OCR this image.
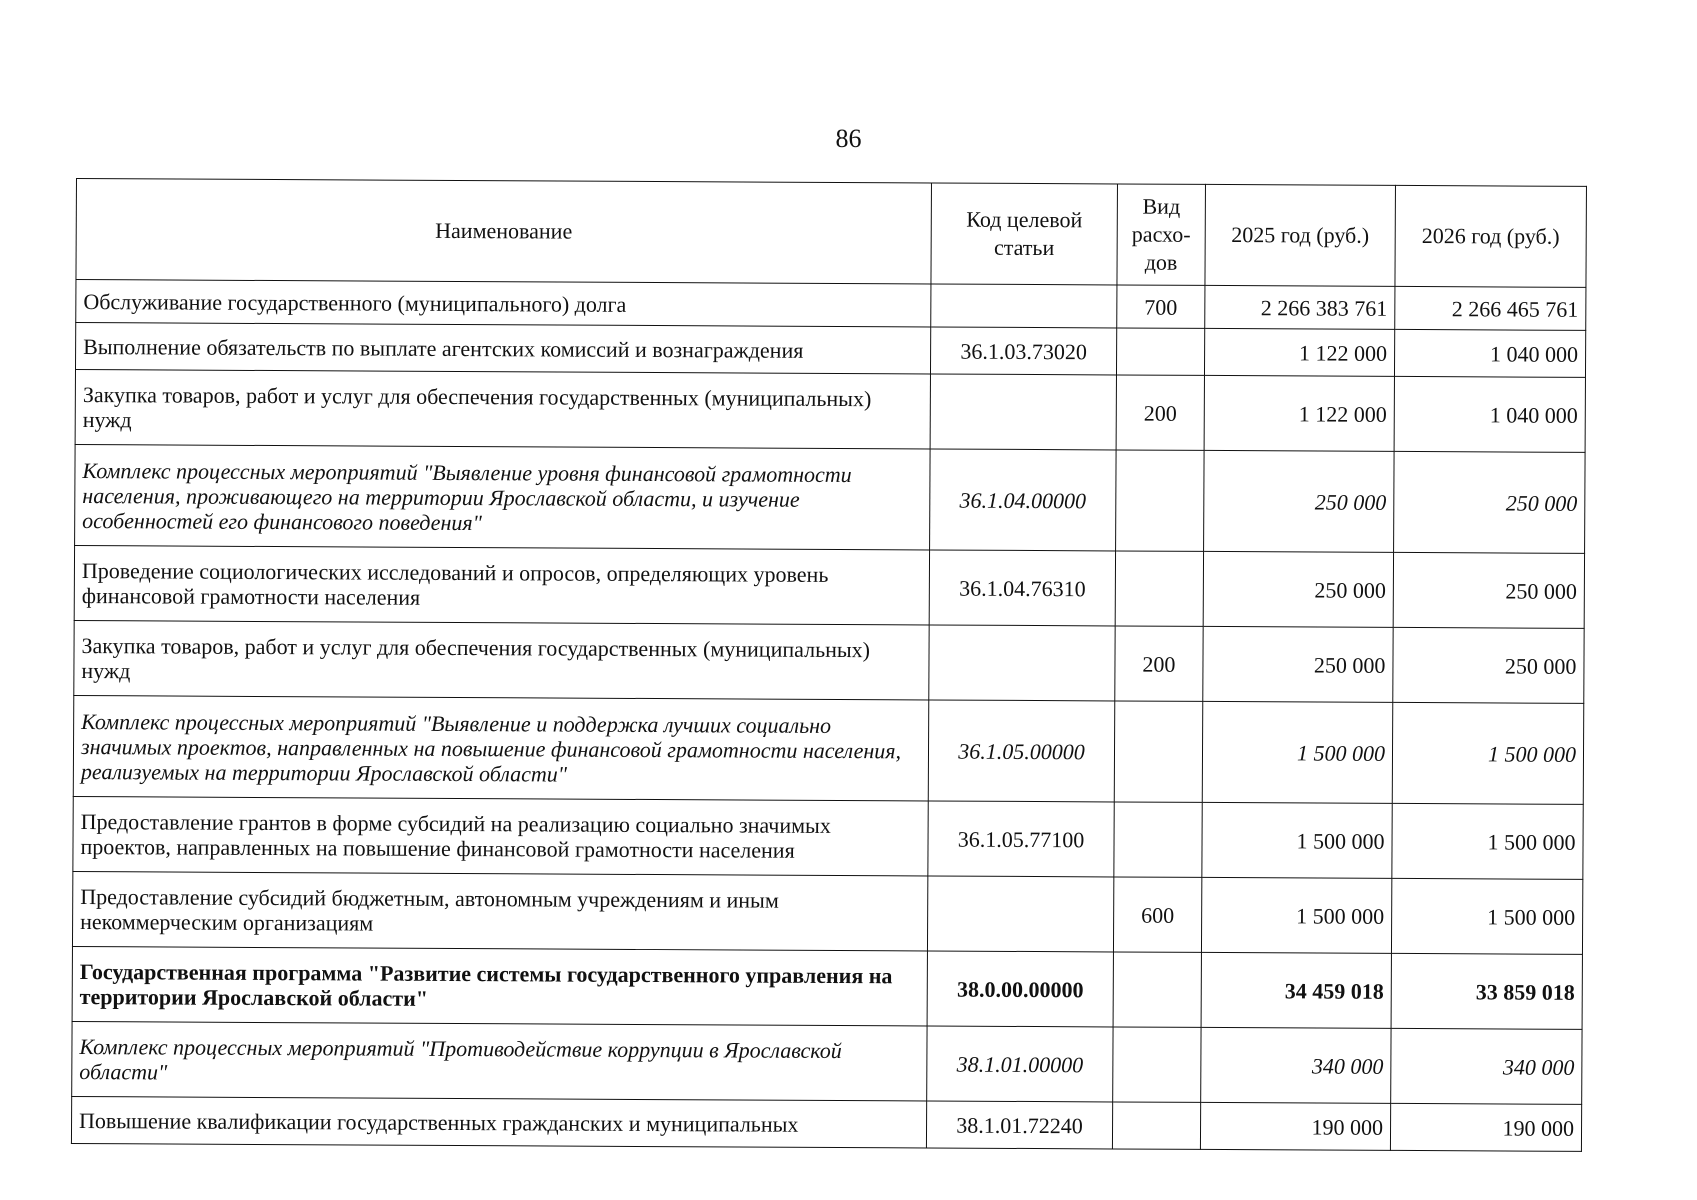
86
Наименование	Код целевой статьи	Вид расхо-дов	2025 год (руб.)	2026 год (руб.)
Обслуживание государственного (муниципального) долга		700	2 266 383 761	2 266 465 761
Выполнение обязательств по выплате агентских комиссий и вознаграждения	36.1.03.73020		1 122 000	1 040 000
Закупка товаров, работ и услуг для обеспечения государственных (муниципальных) нужд		200	1 122 000	1 040 000
Комплекс процессных мероприятий "Выявление уровня финансовой грамотности населения, проживающего на территории Ярославской области, и изучение особенностей его финансового поведения"	36.1.04.00000		250 000	250 000
Проведение социологических исследований и опросов, определяющих уровень финансовой грамотности населения	36.1.04.76310		250 000	250 000
Закупка товаров, работ и услуг для обеспечения государственных (муниципальных) нужд		200	250 000	250 000
Комплекс процессных мероприятий "Выявление и поддержка лучших социально значимых проектов, направленных на повышение финансовой грамотности населения, реализуемых на территории Ярославской области"	36.1.05.00000		1 500 000	1 500 000
Предоставление грантов в форме субсидий на реализацию социально значимых проектов, направленных на повышение финансовой грамотности населения	36.1.05.77100		1 500 000	1 500 000
Предоставление субсидий бюджетным, автономным учреждениям и иным некоммерческим организациям		600	1 500 000	1 500 000
Государственная программа "Развитие системы государственного управления на территории Ярославской области"	38.0.00.00000		34 459 018	33 859 018
Комплекс процессных мероприятий "Противодействие коррупции в Ярославской области"	38.1.01.00000		340 000	340 000
Повышение квалификации государственных гражданских и муниципальных	38.1.01.72240		190 000	190 000
